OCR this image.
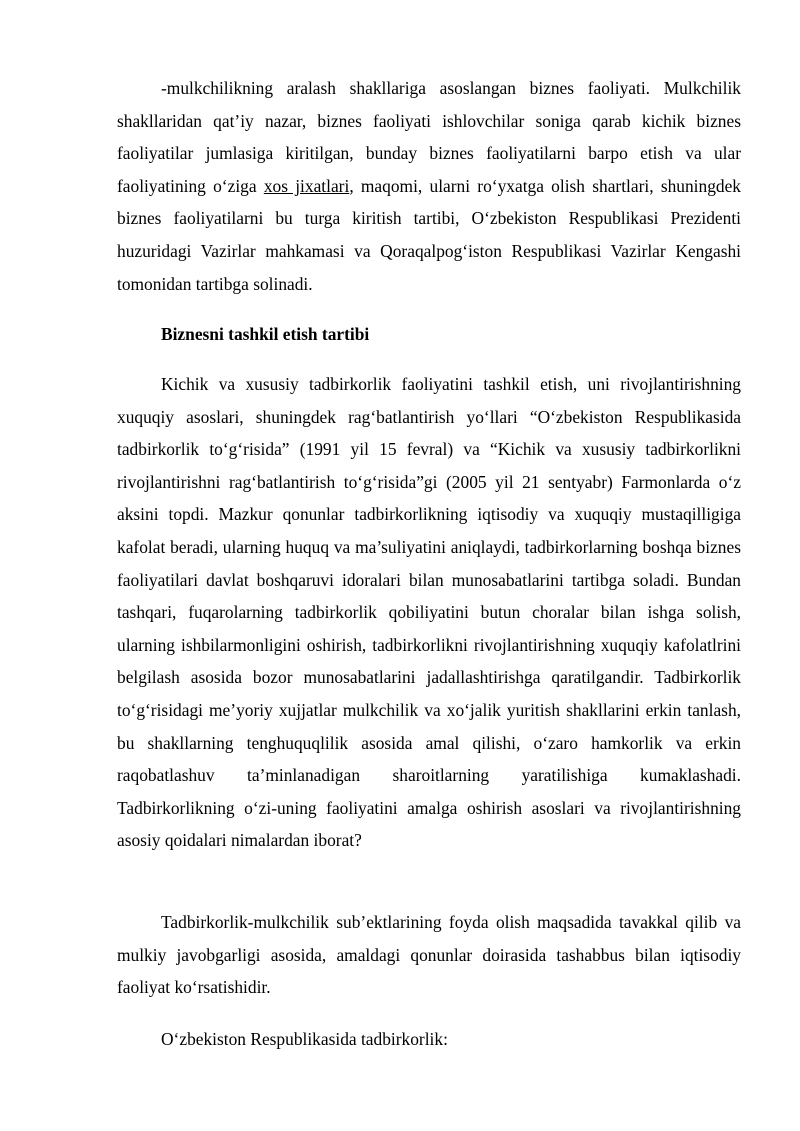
-mulkchilikning aralash shakllariga asoslangan biznes faoliyati. Mulkchilik shakllaridan qat’iy nazar, biznes faoliyati ishlovchilar soniga qarab kichik biznes faoliyatilar jumlasiga kiritilgan, bunday biznes faoliyatilarni barpo etish va ular faoliyatining o‘ziga xos jixatlari, maqomi, ularni ro‘yxatga olish shartlari, shuningdek biznes faoliyatilarni bu turga kiritish tartibi, O‘zbekiston Respublikasi Prezidenti huzuridagi Vazirlar mahkamasi va Qoraqalpog‘iston Respublikasi Vazirlar Kengashi tomonidan tartibga solinadi.

Biznesni tashkil etish tartibi

Kichik va xususiy tadbirkorlik faoliyatini tashkil etish, uni rivojlantirishning xuquqiy asoslari, shuningdek rag‘batlantirish yo‘llari “O‘zbekiston Respublikasida tadbirkorlik to‘g‘risida” (1991 yil 15 fevral) va “Kichik va xususiy tadbirkorlikni rivojlantirishni rag‘batlantirish to‘g‘risida”gi (2005 yil 21 sentyabr) Farmonlarda o‘z aksini topdi. Mazkur qonunlar tadbirkorlikning iqtisodiy va xuquqiy mustaqilligiga kafolat beradi, ularning huquq va ma’suliyatini aniqlaydi, tadbirkorlarning boshqa biznes faoliyatilari davlat boshqaruvi idoralari bilan munosabatlarini tartibga soladi. Bundan tashqari, fuqarolarning tadbirkorlik qobiliyatini butun choralar bilan ishga solish, ularning ishbilarmonligini oshirish, tadbirkorlikni rivojlantirishning xuquqiy kafolatlrini belgilash asosida bozor munosabatlarini jadallashtirishga qaratilgandir. Tadbirkorlik to‘g‘risidagi me’yoriy xujjatlar mulkchilik va xo‘jalik yuritish shakllarini erkin tanlash, bu shakllarning tenghuquqlilik asosida amal qilishi, o‘zaro hamkorlik va erkin raqobatlashuv ta’minlanadigan sharoitlarning yaratilishiga kumaklashadi. Tadbirkorlikning o‘zi-uning faoliyatini amalga oshirish asoslari va rivojlantirishning asosiy qoidalari nimalardan iborat?

Tadbirkorlik-mulkchilik sub’ektlarining foyda olish maqsadida tavakkal qilib va mulkiy javobgarligi asosida, amaldagi qonunlar doirasida tashabbus bilan iqtisodiy faoliyat ko‘rsatishidir.

O‘zbekiston Respublikasida tadbirkorlik:
